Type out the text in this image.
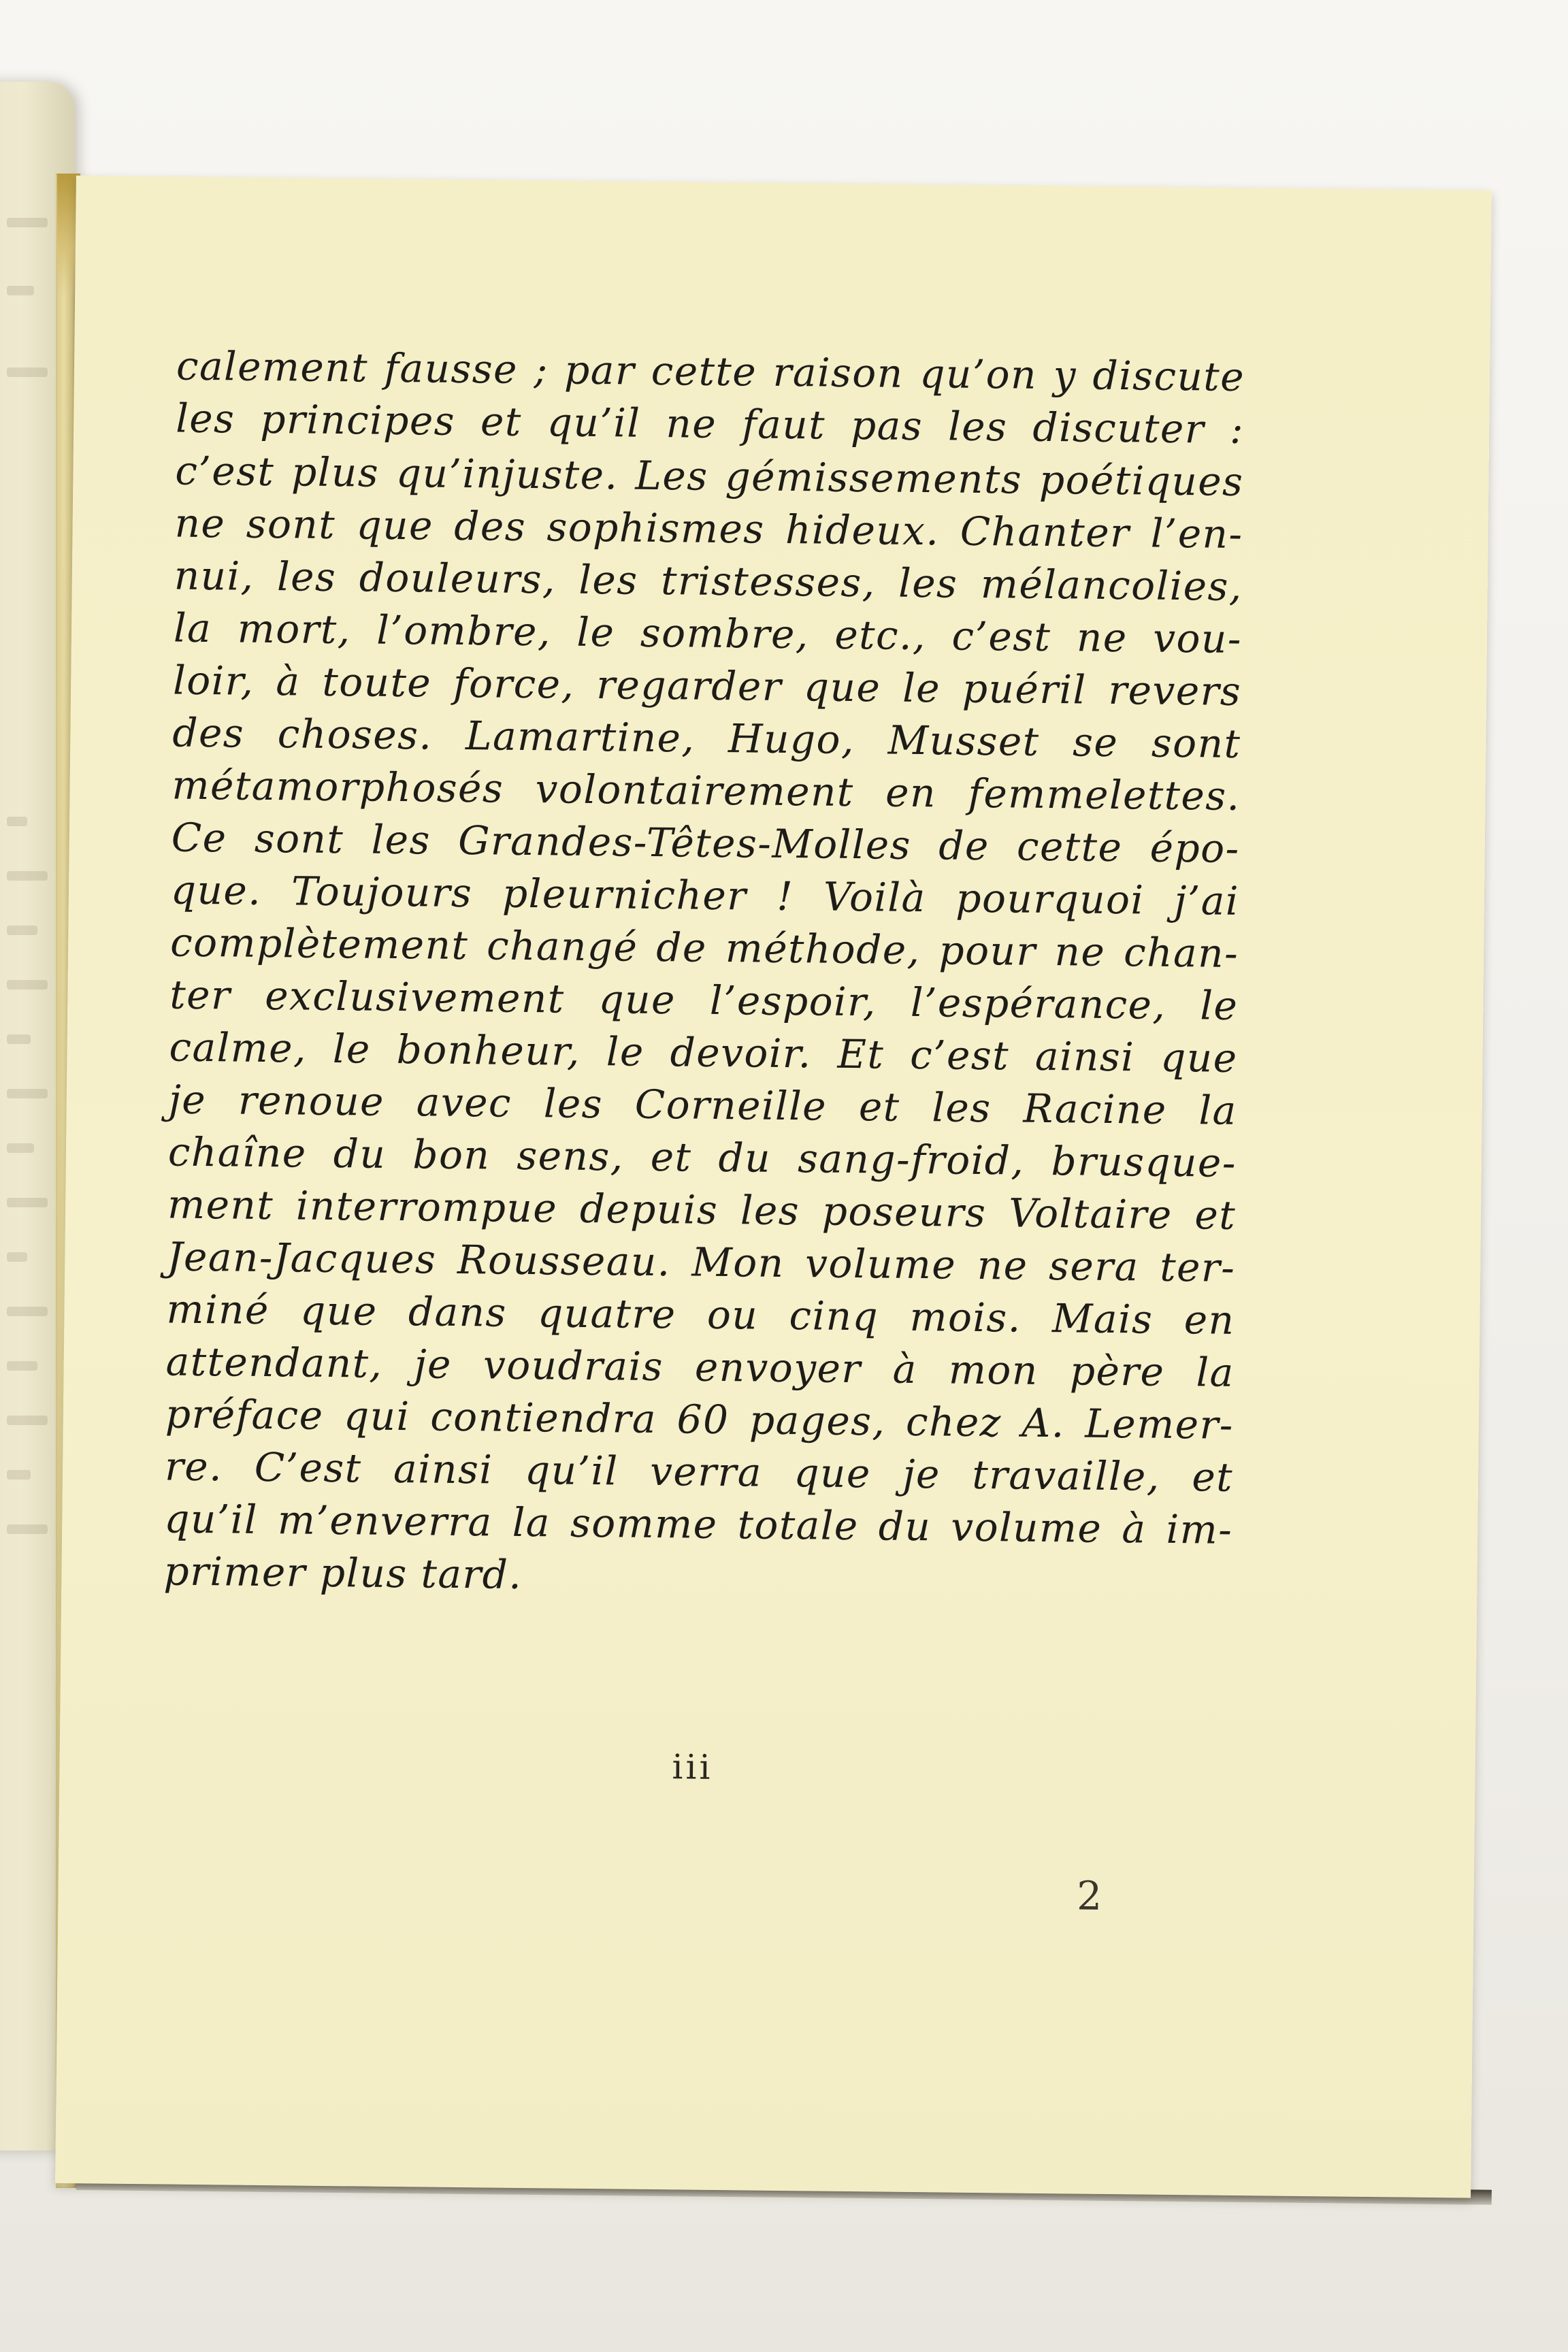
calement fausse ; par cette raison qu’on y discute
les principes et qu’il ne faut pas les discuter :
c’est plus qu’injuste. Les gémissements poétiques
ne sont que des sophismes hideux. Chanter l’en-
nui, les douleurs, les tristesses, les mélancolies,
la mort, l’ombre, le sombre, etc., c’est ne vou-
loir, à toute force, regarder que le puéril revers
des choses. Lamartine, Hugo, Musset se sont
métamorphosés volontairement en femmelettes.
Ce sont les Grandes-Têtes-Molles de cette épo-
que. Toujours pleurnicher ! Voilà pourquoi j’ai
complètement changé de méthode, pour ne chan-
ter exclusivement que l’espoir, l’espérance, le
calme, le bonheur, le devoir. Et c’est ainsi que
je renoue avec les Corneille et les Racine la
chaîne du bon sens, et du sang-froid, brusque-
ment interrompue depuis les poseurs Voltaire et
Jean-Jacques Rousseau. Mon volume ne sera ter-
miné que dans quatre ou cinq mois. Mais en
attendant, je voudrais envoyer à mon père la
préface qui contiendra 60 pages, chez A. Lemer-
re. C’est ainsi qu’il verra que je travaille, et
qu’il m’enverra la somme totale du volume à im-
primer plus tard.
iii
2
